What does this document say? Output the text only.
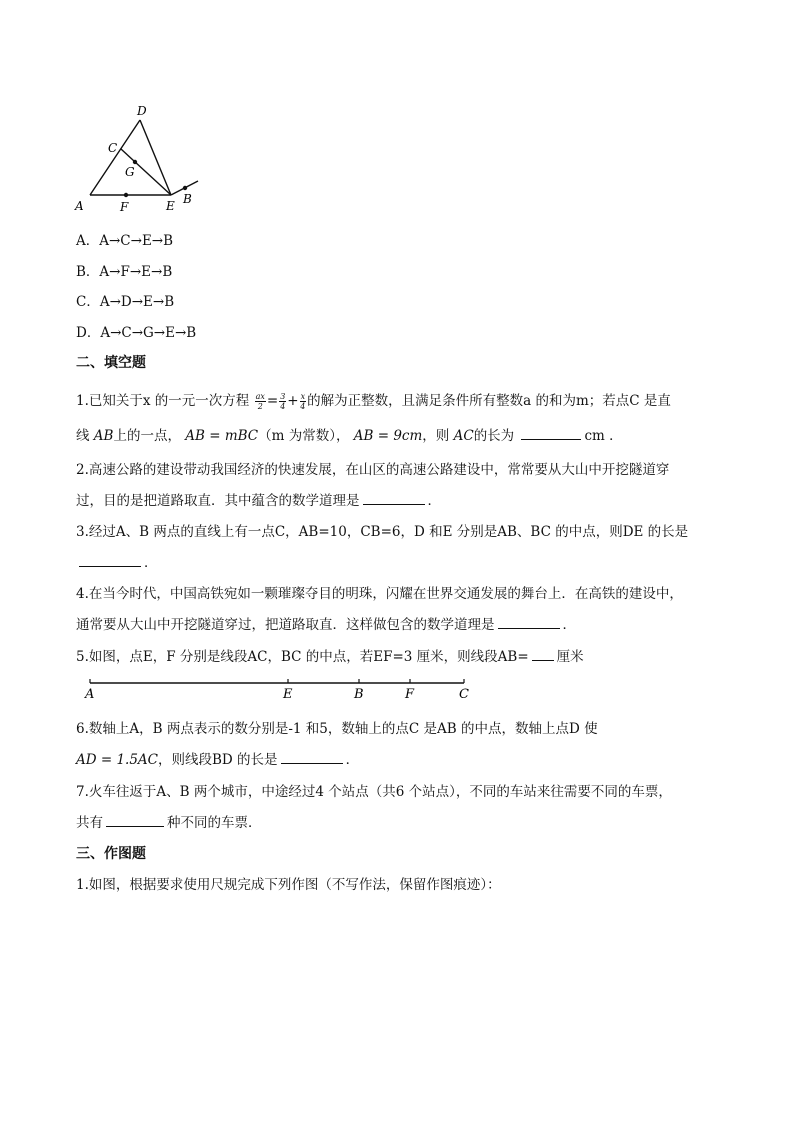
D
C
G
A	F	E B
A．A→C→E→B
B．A→F→E→B
C．A→D→E→B
D．A→C→G→E→B
二、填空题
1.已知关于x 的一元一次方程 $\frac{ax}{2} = \frac{3}{4} + \frac{x}{4}$ 的解为正整数，且满足条件所有整数a 的和为m；若点C 是直
线 AB上的一点， AB = mBC（m 为常数）， AB = 9cm，则 AC的长为	cm ．
2.高速公路的建设带动我国经济的快速发展，在山区的高速公路建设中，常常要从大山中开挖隧道穿
过，目的是把道路取直．其中蕴含的数学道理是	．
3.经过A、B 两点的直线上有一点C，AB=10，CB=6，D 和E 分别是AB、BC 的中点，则DE 的长是
．
4.在当今时代，中国高铁宛如一颗璀璨夺目的明珠，闪耀在世界交通发展的舞台上．在高铁的建设中，
通常要从大山中开挖隧道穿过，把道路取直．这样做包含的数学道理是	．
5.如图，点E，F 分别是线段AC，BC 的中点，若EF=3 厘米，则线段AB= 厘米
A	E	B	F	C
6.数轴上A，B 两点表示的数分别是-1 和5，数轴上的点C 是AB 的中点，数轴上点D 使
AD = 1.5AC，则线段BD 的长是	．
7.火车往返于A、B 两个城市，中途经过4 个站点（共6 个站点），不同的车站来往需要不同的车票，
共有	种不同的车票．
三、作图题
1.如图，根据要求使用尺规完成下列作图（不写作法，保留作图痕迹）：
